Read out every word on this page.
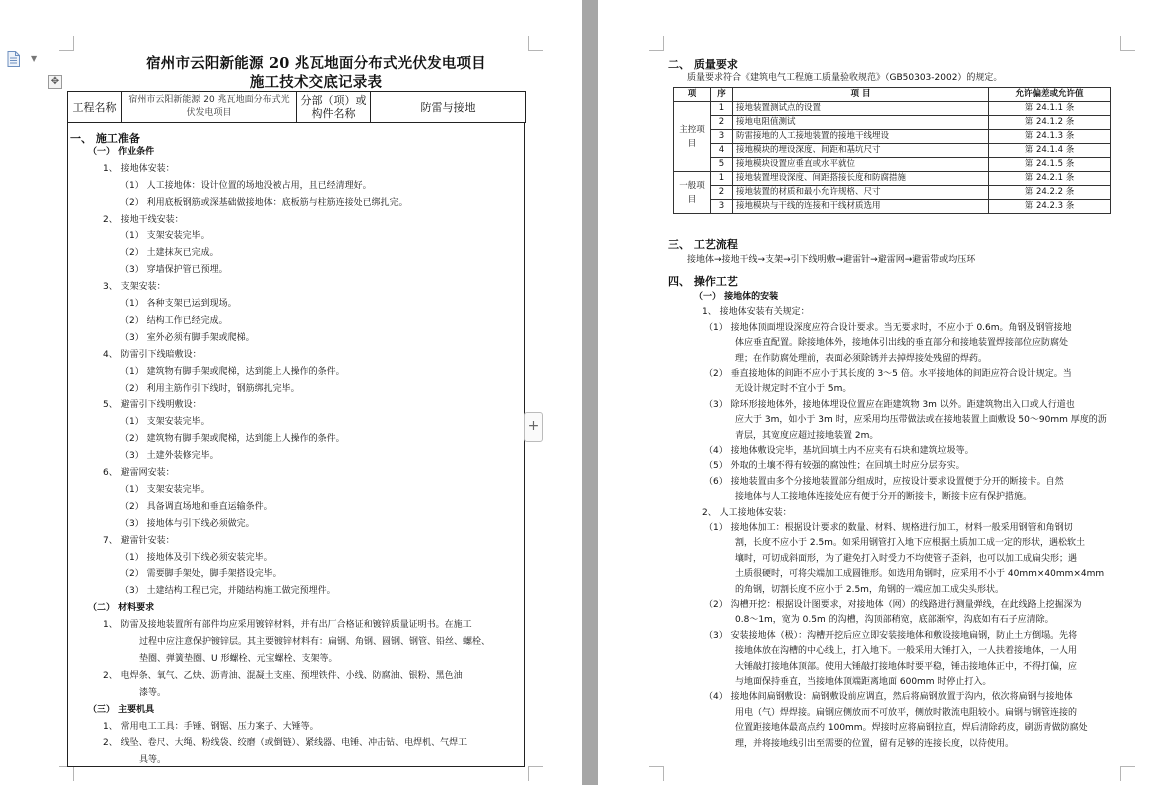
▼	宿州市云阳新能源 20 兆瓦地面分布式光伏发电项目
施工技术交底记录表
工程名称	宿州市云阳新能源 20 兆瓦地面分布式光伏发电项目	分部（项）或构件名称	防雷与接地
一、 施工准备
（一） 作业条件
1、 接地体安装：
（1） 人工接地体：设计位置的场地没被占用，且已经清理好。
（2） 利用底板钢筋或深基础做接地体：底板筋与柱筋连接处已绑扎完。
2、 接地干线安装：
（1） 支架安装完毕。
（2） 土建抹灰已完成。
（3） 穿墙保护管已预埋。
3、 支架安装：
（1） 各种支架已运到现场。
（2） 结构工作已经完成。
（3） 室外必须有脚手架或爬梯。
4、 防雷引下线暗敷设：
（1） 建筑物有脚手架或爬梯，达到能上人操作的条件。
（2） 利用主筋作引下线时，钢筋绑扎完毕。
5、 避雷引下线明敷设：
（1） 支架安装完毕。
（2） 建筑物有脚手架或爬梯，达到能上人操作的条件。
（3） 土建外装修完毕。
6、 避雷网安装：
（1） 支架安装完毕。
（2） 具备调直场地和垂直运输条件。
（3） 接地体与引下线必须做完。
7、 避雷针安装：
（1） 接地体及引下线必须安装完毕。
（2） 需要脚手架处，脚手架搭设完毕。
（3） 土建结构工程已完，并随结构施工做完预埋件。
（二） 材料要求
1、 防雷及接地装置所有部件均应采用镀锌材料，并有出厂合格证和镀锌质量证明书。在施工
过程中应注意保护镀锌层。其主要镀锌材料有：扁钢、角钢、圆钢、钢管、铅丝、螺栓、
垫圈、弹簧垫圈、U 形螺栓、元宝螺栓、支架等。
2、 电焊条、氧气、乙炔、沥青油、混凝土支座、预埋铁件、小线、防腐油、银粉、黑色油
漆等。
（三） 主要机具
1、 常用电工工具：手锤、钢锯、压力案子、大锤等。
2、 线坠、卷尺、大绳、粉线袋、绞磨（或倒链）、紧线器、电锤、冲击钻、电焊机、气焊工
具等。
✥
+
二、 质量要求
质量要求符合《建筑电气工程施工质量验收规范》（GB50303-2002）的规定。
项	序	项 目	允许偏差或允许值
主控项目	1	接地装置测试点的设置	第 24.1.1 条
	2	接地电阻值测试	第 24.1.2 条
	3	防雷接地的人工接地装置的接地干线埋设	第 24.1.3 条
	4	接地模块的埋设深度、间距和基坑尺寸	第 24.1.4 条
	5	接地模块设置应垂直或水平就位	第 24.1.5 条
一般项目	1	接地装置埋设深度、间距搭接长度和防腐措施	第 24.2.1 条
	2	接地装置的材质和最小允许规格、尺寸	第 24.2.2 条
	3	接地模块与干线的连接和干线材质选用	第 24.2.3 条
三、 工艺流程
接地体→接地干线→支架→引下线明敷→避雷针→避雷网→避雷带或均压环
四、 操作工艺
（一） 接地体的安装
1、 接地体安装有关规定：
（1） 接地体顶面埋设深度应符合设计要求。当无要求时，不应小于 0.6m。角钢及钢管接地
体应垂直配置。除接地体外，接地体引出线的垂直部分和接地装置焊接部位应防腐处
理；在作防腐处理前，表面必须除锈并去掉焊接处残留的焊药。
（2） 垂直接地体的间距不应小于其长度的 3～5 倍。水平接地体的间距应符合设计规定。当
无设计规定时不宜小于 5m。
（3） 除环形接地体外，接地体埋设位置应在距建筑物 3m 以外。距建筑物出入口或人行道也
应大于 3m，如小于 3m 时，应采用均压带做法或在接地装置上面敷设 50～90mm 厚度的沥
青层，其宽度应超过接地装置 2m。
（4） 接地体敷设完毕，基坑回填土内不应夹有石块和建筑垃圾等。
（5） 外取的土壤不得有较强的腐蚀性；在回填土时应分层夯实。
（6） 接地装置由多个分接地装置部分组成时，应按设计要求设置便于分开的断接卡。自然
接地体与人工接地体连接处应有便于分开的断接卡，断接卡应有保护措施。
2、 人工接地体安装：
（1） 接地体加工：根据设计要求的数量、材料、规格进行加工，材料一般采用钢管和角钢切
割，长度不应小于 2.5m。如采用钢管打入地下应根据土质加工成一定的形状，遇松软土
壤时，可切成斜面形，为了避免打入时受力不均使管子歪斜，也可以加工成扁尖形；遇
土质很硬时，可将尖端加工成圆锥形。如选用角钢时，应采用不小于 40mm×40mm×4mm
的角钢，切割长度不应小于 2.5m，角钢的一端应加工成尖头形状。
（2） 沟槽开挖：根据设计图要求，对接地体（网）的线路进行测量弹线，在此线路上挖掘深为
0.8～1m，宽为 0.5m 的沟槽，沟顶部稍宽，底部渐窄，沟底如有石子应清除。
（3） 安装接地体（极）：沟槽开挖后应立即安装接地体和敷设接地扁钢，防止土方倒塌。先将
接地体放在沟槽的中心线上，打入地下。一般采用大锤打入，一人扶着接地体，一人用
大锤敲打接地体顶部。使用大锤敲打接地体时要平稳，锤击接地体正中，不得打偏，应
与地面保持垂直，当接地体顶端距离地面 600mm 时停止打入。
（4） 接地体间扁钢敷设：扁钢敷设前应调直，然后将扁钢放置于沟内，依次将扁钢与接地体
用电（气）焊焊接。扁钢应侧放而不可放平，侧放时散流电阻较小。扁钢与钢管连接的
位置距接地体最高点约 100mm。焊接时应将扁钢拉直，焊后清除药皮，刷沥青做防腐处
理，并将接地线引出至需要的位置，留有足够的连接长度，以待使用。
